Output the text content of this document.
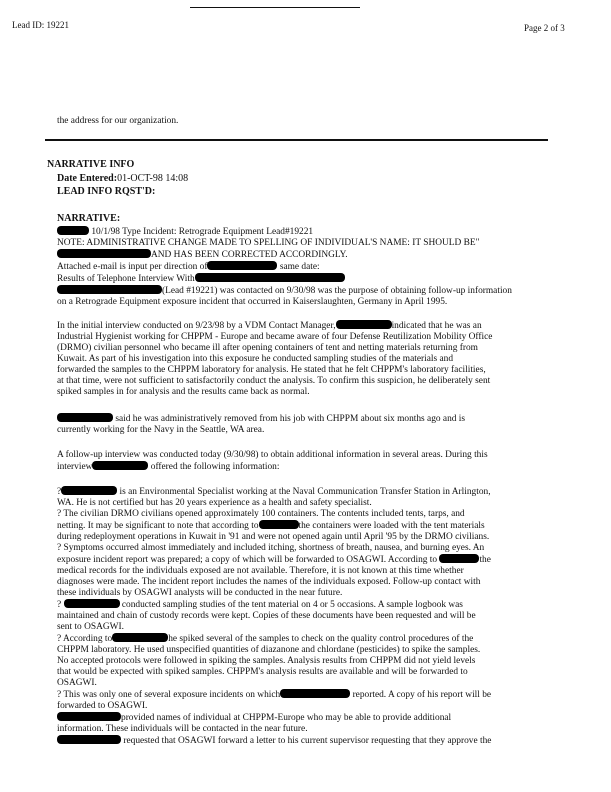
Lead ID: 19221	Page 2 of 3
the address for our organization.
NARRATIVE INFO
Date Entered:01-OCT-98 14:08
LEAD INFO RQST'D:
NARRATIVE:

10/1/98 Type Incident: Retrograde Equipment Lead#19221

NOTE: ADMINISTRATIVE CHANGE MADE TO SPELLING OF INDIVIDUAL'S NAME: IT SHOULD BE"

AND HAS BEEN CORRECTED ACCORDINGLY.

Attached e-mail is input per direction of	same date:

Results of Telephone Interview With

(Lead #19221) was contacted on 9/30/98 was the purpose of obtaining follow-up information

on a Retrograde Equipment exposure incident that occurred in Kaiserslaughten, Germany in April 1995.

In the initial interview conducted on 9/23/98 by a VDM Contact Manager,	indicated that he was an

Industrial Hygienist working for CHPPM - Europe and became aware of four Defense Reutilization Mobility Office

(DRMO) civilian personnel who became ill after opening containers of tent and netting materials returning from

Kuwait. As part of his investigation into this exposure he conducted sampling studies of the materials and

forwarded the samples to the CHPPM laboratory for analysis. He stated that he felt CHPPM's laboratory facilities,

at that time, were not sufficient to satisfactorily conduct the analysis. To confirm this suspicion, he deliberately sent

spiked samples in for analysis and the results came back as normal.

said he was administratively removed from his job with CHPPM about six months ago and is

currently working for the Navy in the Seattle, WA area.

A follow-up interview was conducted today (9/30/98) to obtain additional information in several areas. During this

interview	offered the following information:

?	is an Environmental Specialist working at the Naval Communication Transfer Station in Arlington,

WA. He is not certified but has 20 years experience as a health and safety specialist.

? The civilian DRMO civilians opened approximately 100 containers. The contents included tents, tarps, and

netting. It may be significant to note that according to	the containers were loaded with the tent materials

during redeployment operations in Kuwait in '91 and were not opened again until April '95 by the DRMO civilians.

? Symptoms occurred almost immediately and included itching, shortness of breath, nausea, and burning eyes. An

exposure incident report was prepared; a copy of which will be forwarded to OSAGWI. According to	the

medical records for the individuals exposed are not available. Therefore, it is not known at this time whether

diagnoses were made. The incident report includes the names of the individuals exposed. Follow-up contact with

these individuals by OSAGWI analysts will be conducted in the near future.

?	conducted sampling studies of the tent material on 4 or 5 occasions. A sample logbook was

maintained and chain of custody records were kept. Copies of these documents have been requested and will be

sent to OSAGWI.

? According to	he spiked several of the samples to check on the quality control procedures of the

CHPPM laboratory. He used unspecified quantities of diazanone and chlordane (pesticides) to spike the samples.

No accepted protocols were followed in spiking the samples. Analysis results from CHPPM did not yield levels

that would be expected with spiked samples. CHPPM's analysis results are available and will be forwarded to

OSAGWI.

? This was only one of several exposure incidents on which	reported. A copy of his report will be

forwarded to OSAGWI.

provided names of individual at CHPPM-Europe who may be able to provide additional

information. These individuals will be contacted in the near future.

requested that OSAGWI forward a letter to his current supervisor requesting that they approve the
